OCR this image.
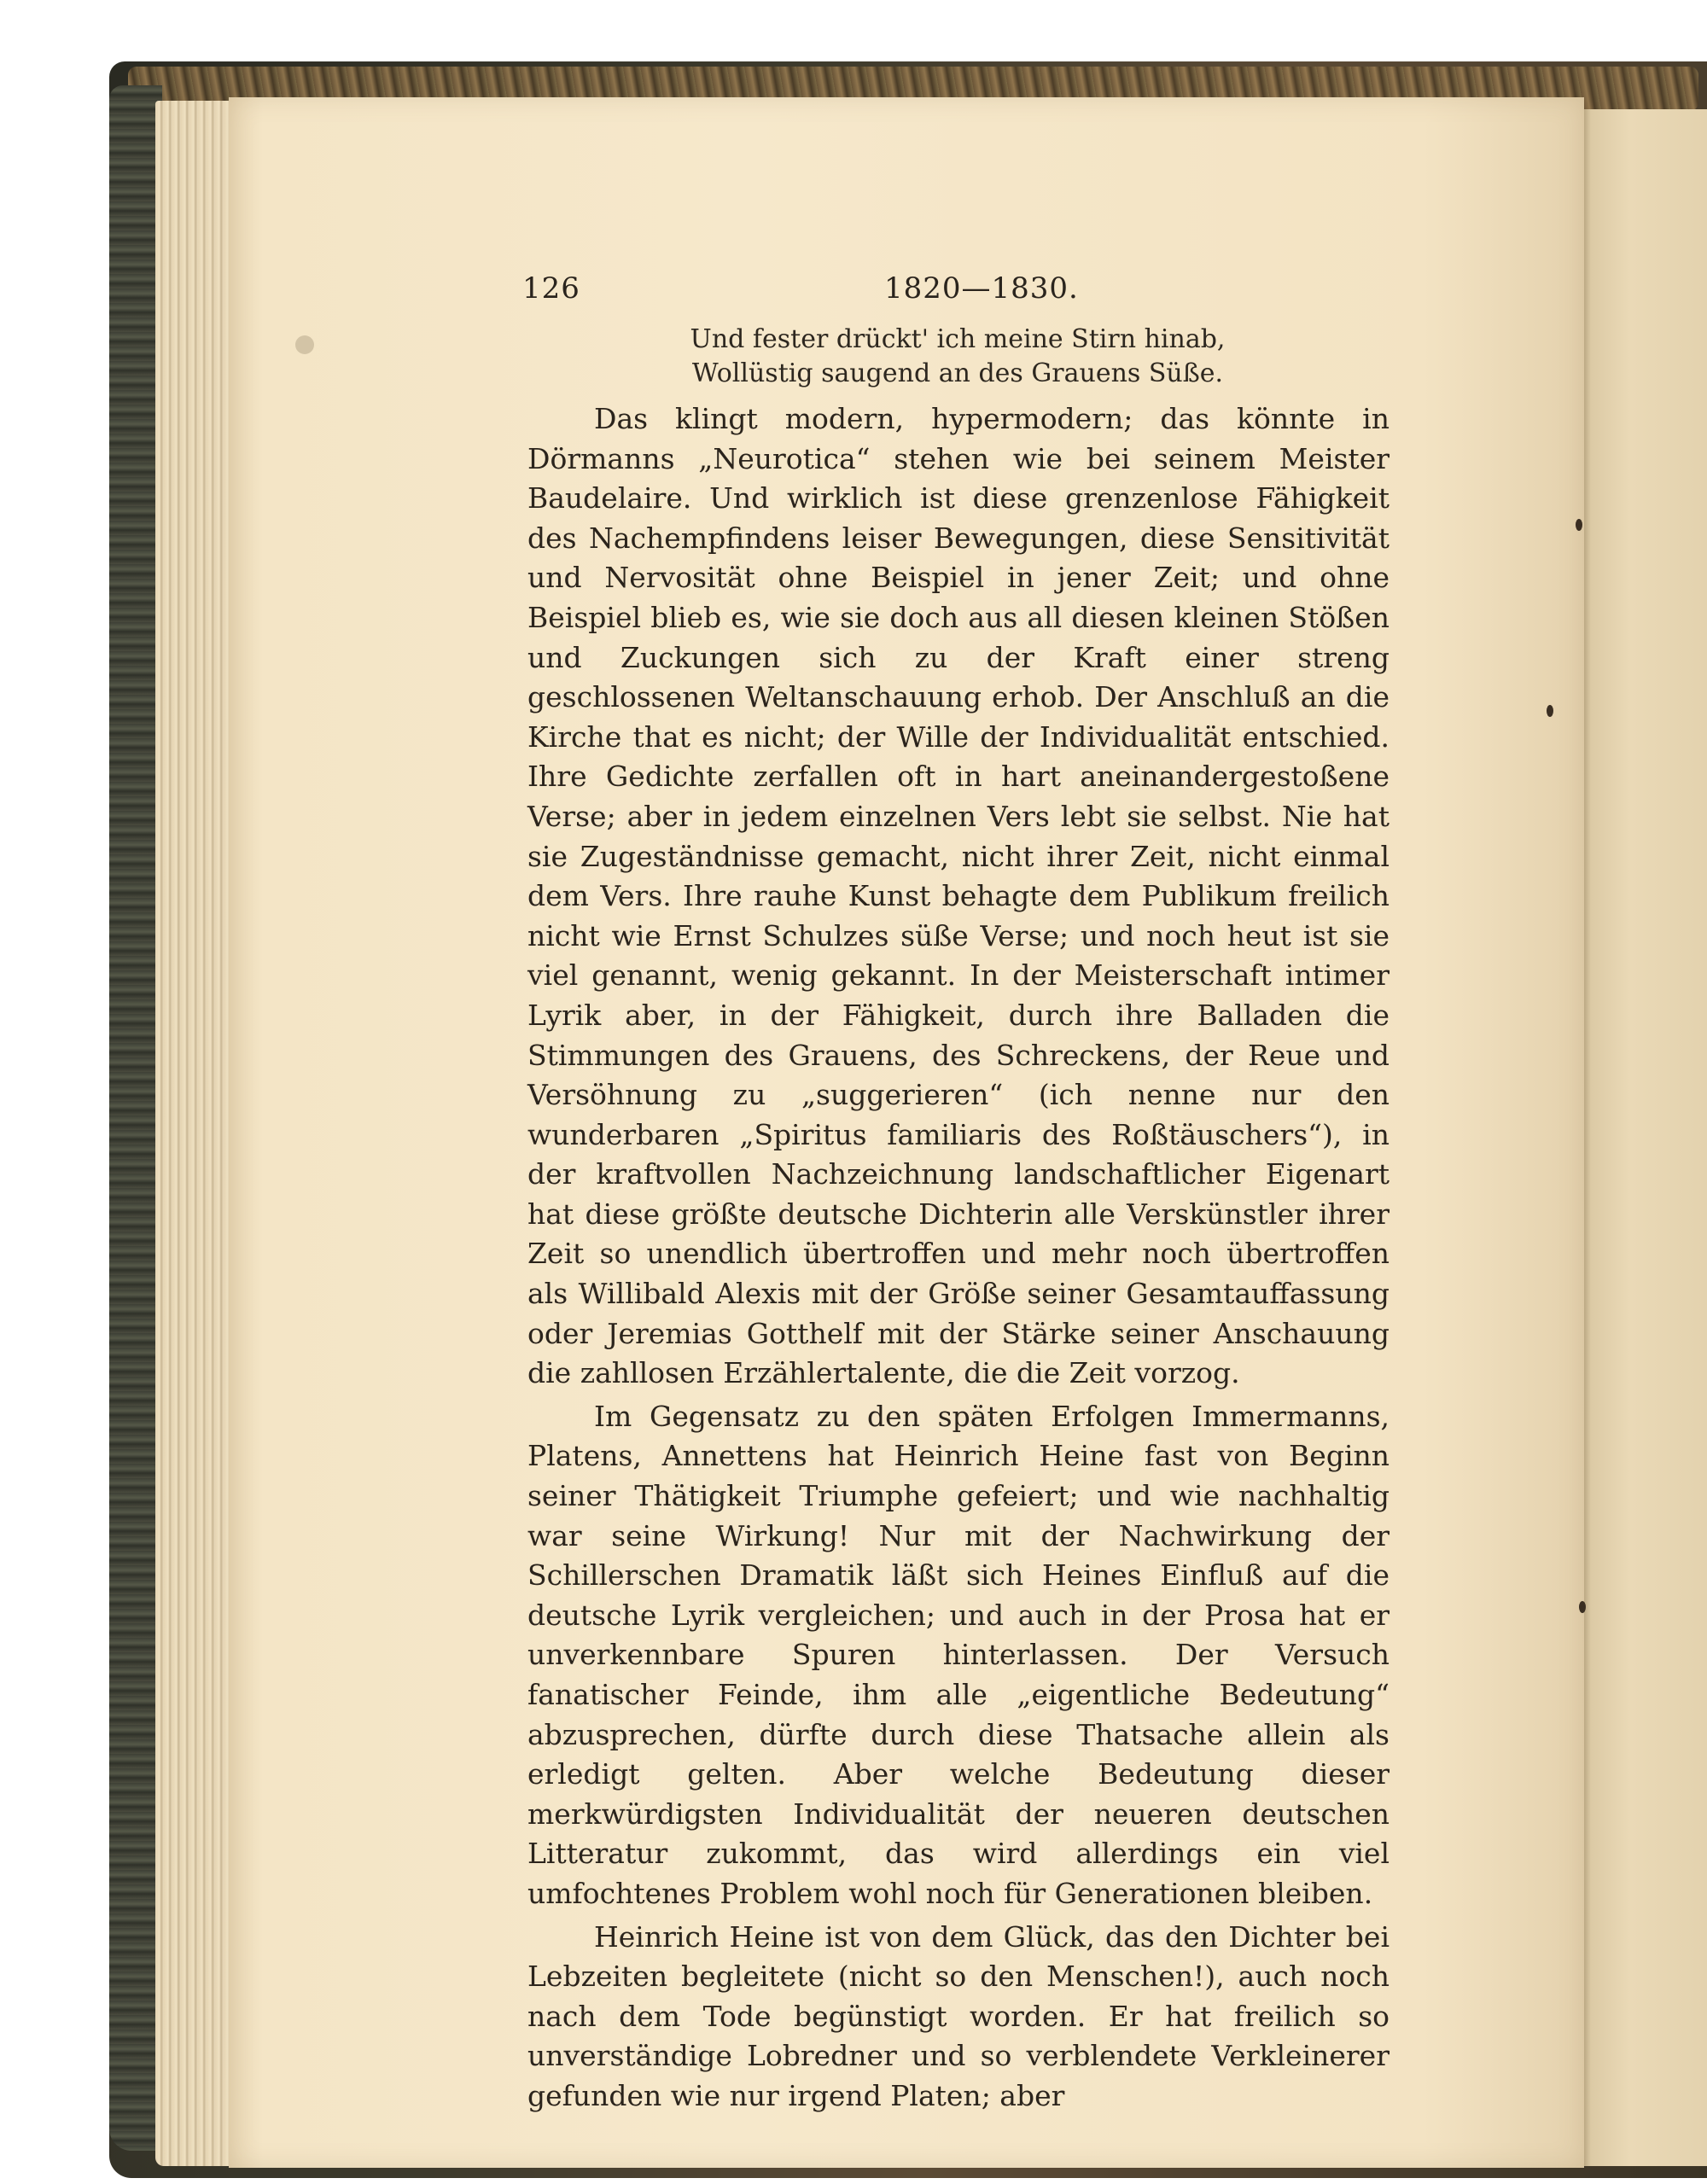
126	1820—1830.
Und fester drückt' ich meine Stirn hinab,
Wollüstig saugend an des Grauens Süße.

Das klingt modern, hypermodern; das könnte in Dörmanns „Neurotica“ stehen wie bei seinem Meister Baudelaire. Und wirklich ist diese grenzenlose Fähigkeit des Nachempfindens leiser Bewegungen, diese Sensitivität und Nervosität ohne Beispiel in jener Zeit; und ohne Beispiel blieb es, wie sie doch aus all diesen kleinen Stößen und Zuckungen sich zu der Kraft einer streng geschlossenen Weltanschauung erhob. Der Anschluß an die Kirche that es nicht; der Wille der Individualität entschied. Ihre Gedichte zerfallen oft in hart aneinandergestoßene Verse; aber in jedem einzelnen Vers lebt sie selbst. Nie hat sie Zugeständnisse gemacht, nicht ihrer Zeit, nicht einmal dem Vers. Ihre rauhe Kunst behagte dem Publikum freilich nicht wie Ernst Schulzes süße Verse; und noch heut ist sie viel genannt, wenig gekannt. In der Meisterschaft intimer Lyrik aber, in der Fähigkeit, durch ihre Balladen die Stimmungen des Grauens, des Schreckens, der Reue und Versöhnung zu „suggerieren“ (ich nenne nur den wunderbaren „Spiritus familiaris des Roßtäuschers“), in der kraftvollen Nachzeichnung landschaftlicher Eigenart hat diese größte deutsche Dichterin alle Verskünstler ihrer Zeit so unendlich übertroffen und mehr noch übertroffen als Willibald Alexis mit der Größe seiner Gesamtauffassung oder Jeremias Gotthelf mit der Stärke seiner Anschauung die zahllosen Erzählertalente, die die Zeit vorzog.

Im Gegensatz zu den späten Erfolgen Immermanns, Platens, Annettens hat Heinrich Heine fast von Beginn seiner Thätigkeit Triumphe gefeiert; und wie nachhaltig war seine Wirkung! Nur mit der Nachwirkung der Schillerschen Dramatik läßt sich Heines Einfluß auf die deutsche Lyrik vergleichen; und auch in der Prosa hat er unverkennbare Spuren hinterlassen. Der Versuch fanatischer Feinde, ihm alle „eigentliche Bedeutung“ abzusprechen, dürfte durch diese Thatsache allein als erledigt gelten. Aber welche Bedeutung dieser merkwürdigsten Individualität der neueren deutschen Litteratur zukommt, das wird allerdings ein viel umfochtenes Problem wohl noch für Generationen bleiben.

Heinrich Heine ist von dem Glück, das den Dichter bei Lebzeiten begleitete (nicht so den Menschen!), auch noch nach dem Tode begünstigt worden. Er hat freilich so unverständige Lobredner und so verblendete Verkleinerer gefunden wie nur irgend Platen; aber
